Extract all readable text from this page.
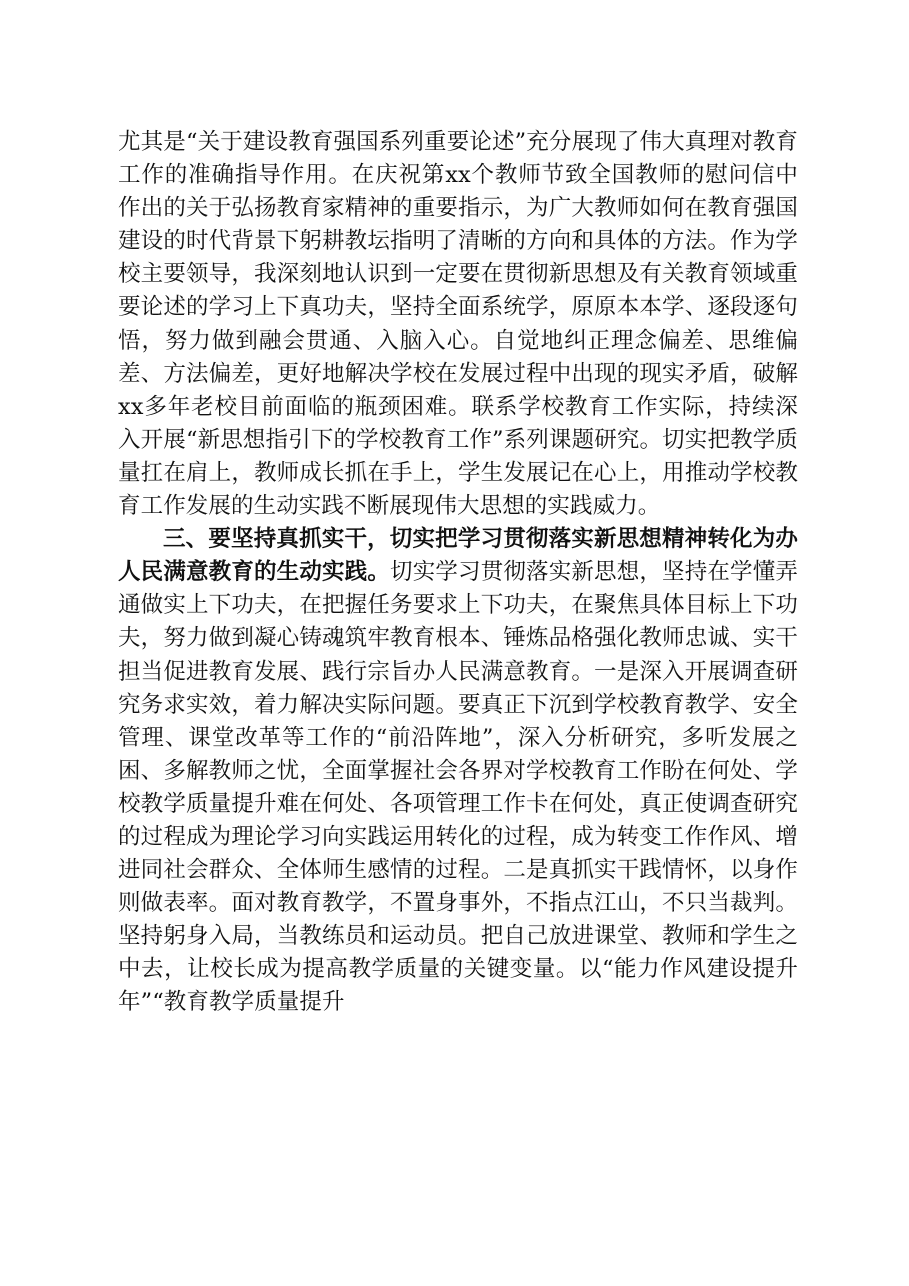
尤其是“关于建设教育强国系列重要论述”充分展现了伟大真理对教育工作的准确指导作用。在庆祝第xx个教师节致全国教师的慰问信中作出的关于弘扬教育家精神的重要指示，为广大教师如何在教育强国建设的时代背景下躬耕教坛指明了清晰的方向和具体的方法。作为学校主要领导，我深刻地认识到一定要在贯彻新思想及有关教育领域重要论述的学习上下真功夫，坚持全面系统学，原原本本学、逐段逐句悟，努力做到融会贯通、入脑入心。自觉地纠正理念偏差、思维偏差、方法偏差，更好地解决学校在发展过程中出现的现实矛盾，破解xx多年老校目前面临的瓶颈困难。联系学校教育工作实际，持续深入开展“新思想指引下的学校教育工作”系列课题研究。切实把教学质量扛在肩上，教师成长抓在手上，学生发展记在心上，用推动学校教育工作发展的生动实践不断展现伟大思想的实践威力。

三、要坚持真抓实干，切实把学习贯彻落实新思想精神转化为办人民满意教育的生动实践。切实学习贯彻落实新思想，坚持在学懂弄通做实上下功夫，在把握任务要求上下功夫，在聚焦具体目标上下功夫，努力做到凝心铸魂筑牢教育根本、锤炼品格强化教师忠诚、实干担当促进教育发展、践行宗旨办人民满意教育。一是深入开展调查研究务求实效，着力解决实际问题。要真正下沉到学校教育教学、安全管理、课堂改革等工作的“前沿阵地”，深入分析研究，多听发展之困、多解教师之忧，全面掌握社会各界对学校教育工作盼在何处、学校教学质量提升难在何处、各项管理工作卡在何处，真正使调查研究的过程成为理论学习向实践运用转化的过程，成为转变工作作风、增进同社会群众、全体师生感情的过程。二是真抓实干践情怀，以身作则做表率。面对教育教学，不置身事外，不指点江山，不只当裁判。坚持躬身入局，当教练员和运动员。把自己放进课堂、教师和学生之中去，让校长成为提高教学质量的关键变量。以“能力作风建设提升年”“教育教学质量提升
